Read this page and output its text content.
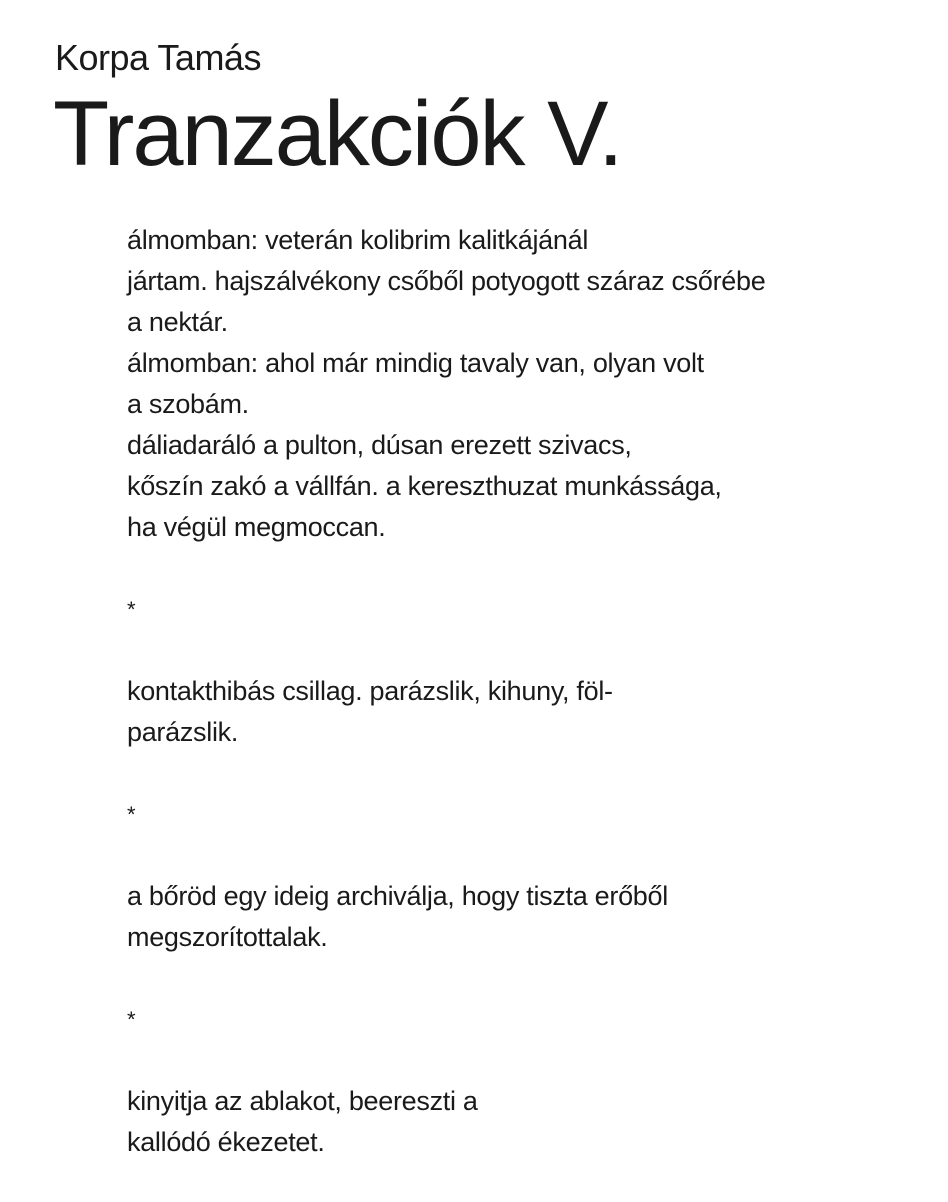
Korpa Tamás
Tranzakciók V.
álmomban: veterán kolibrim kalitkájánál
jártam. hajszálvékony csőből potyogott száraz csőrébe
a nektár.
álmomban: ahol már mindig tavaly van, olyan volt
a szobám.
dáliadaráló a pulton, dúsan erezett szivacs,
kőszín zakó a vállfán. a kereszthuzat munkássága,
ha végül megmoccan.
*
kontakthibás csillag. parázslik, kihuny, föl-
parázslik.
*
a bőröd egy ideig archiválja, hogy tiszta erőből
megszorítottalak.
*
kinyitja az ablakot, beereszti a
kallódó ékezetet.
